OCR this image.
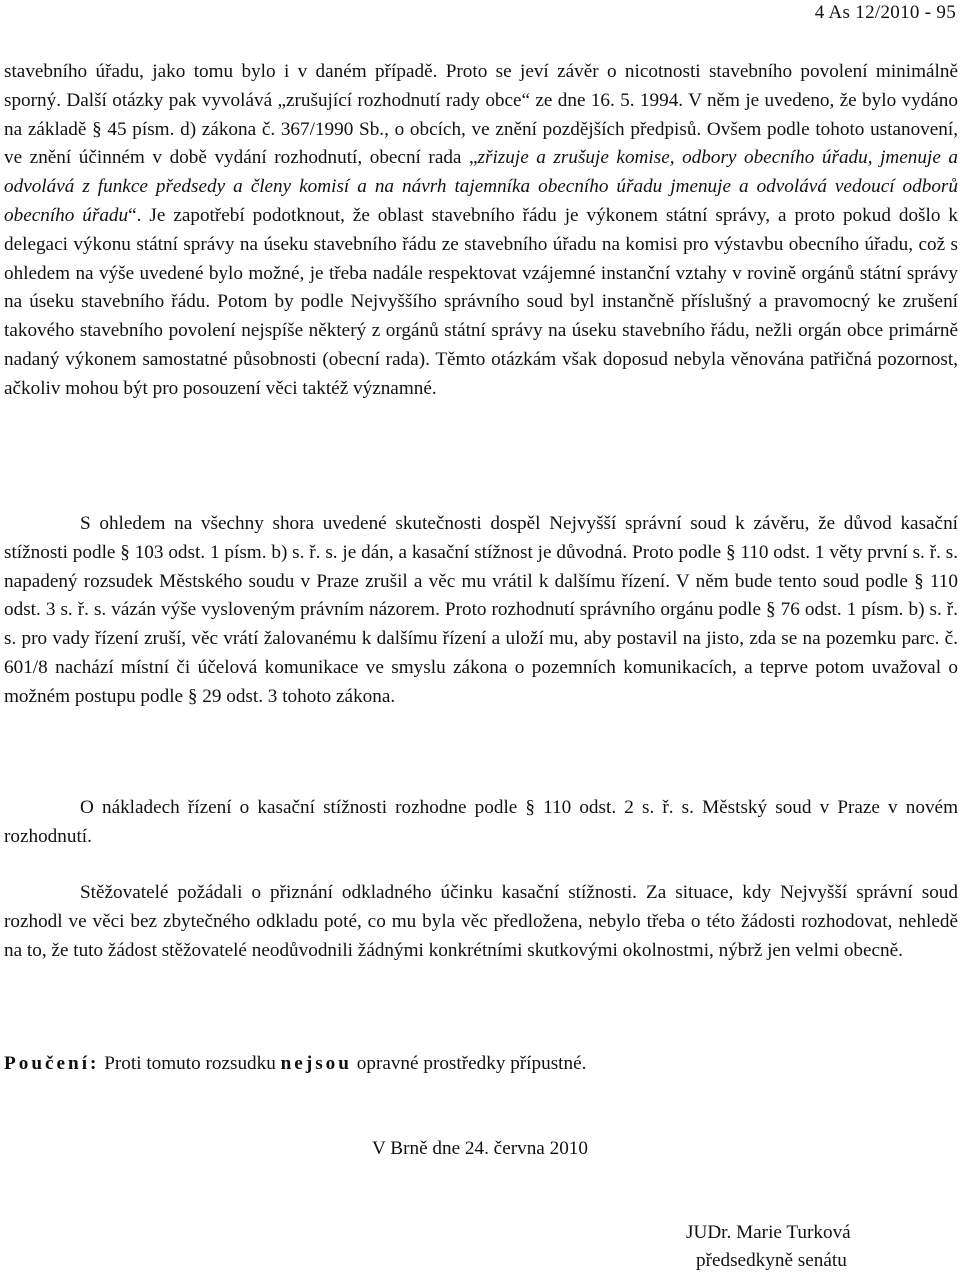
4 As 12/2010 - 95
stavebního úřadu, jako tomu bylo i v daném případě. Proto se jeví závěr o nicotnosti stavebního povolení minimálně sporný. Další otázky pak vyvolává „zrušující rozhodnutí rady obce“ ze dne 16. 5. 1994. V něm je uvedeno, že bylo vydáno na základě § 45 písm. d) zákona č. 367/1990 Sb., o obcích, ve znění pozdějších předpisů. Ovšem podle tohoto ustanovení, ve znění účinném v době vydání rozhodnutí, obecní rada „zřizuje a zrušuje komise, odbory obecního úřadu, jmenuje a odvolává z funkce předsedy a členy komisí a na návrh tajemníka obecního úřadu jmenuje a odvolává vedoucí odborů obecního úřadu“. Je zapotřebí podotknout, že oblast stavebního řádu je výkonem státní správy, a proto pokud došlo k delegaci výkonu státní správy na úseku stavebního řádu ze stavebního úřadu na komisi pro výstavbu obecního úřadu, což s ohledem na výše uvedené bylo možné, je třeba nadále respektovat vzájemné instanční vztahy v rovině orgánů státní správy na úseku stavebního řádu. Potom by podle Nejvyššího správního soud byl instančně příslušný a pravomocný ke zrušení takového stavebního povolení nejspíše některý z orgánů státní správy na úseku stavebního řádu, nežli orgán obce primárně nadaný výkonem samostatné působnosti (obecní rada). Těmto otázkám však doposud nebyla věnována patřičná pozornost, ačkoliv mohou být pro posouzení věci taktéž významné.
S ohledem na všechny shora uvedené skutečnosti dospěl Nejvyšší správní soud k závěru, že důvod kasační stížnosti podle § 103 odst. 1 písm. b) s. ř. s. je dán, a kasační stížnost je důvodná. Proto podle § 110 odst. 1 věty první s. ř. s. napadený rozsudek Městského soudu v Praze zrušil a věc mu vrátil k dalšímu řízení. V něm bude tento soud podle § 110 odst. 3 s. ř. s. vázán výše vysloveným právním názorem. Proto rozhodnutí správního orgánu podle § 76 odst. 1 písm. b) s. ř. s. pro vady řízení zruší, věc vrátí žalovanému k dalšímu řízení a uloží mu, aby postavil na jisto, zda se na pozemku parc. č. 601/8 nachází místní či účelová komunikace ve smyslu zákona o pozemních komunikacích, a teprve potom uvažoval o možném postupu podle § 29 odst. 3 tohoto zákona.
O nákladech řízení o kasační stížnosti rozhodne podle § 110 odst. 2 s. ř. s. Městský soud v Praze v novém rozhodnutí.
Stěžovatelé požádali o přiznání odkladného účinku kasační stížnosti. Za situace, kdy Nejvyšší správní soud rozhodl ve věci bez zbytečného odkladu poté, co mu byla věc předložena, nebylo třeba o této žádosti rozhodovat, nehledě na to, že tuto žádost stěžovatelé neodůvodnili žádnými konkrétními skutkovými okolnostmi, nýbrž jen velmi obecně.
Poučení: Proti tomuto rozsudku nejsou opravné prostředky přípustné.
V Brně dne 24. června 2010
JUDr. Marie Turková
předsedkyně senátu
